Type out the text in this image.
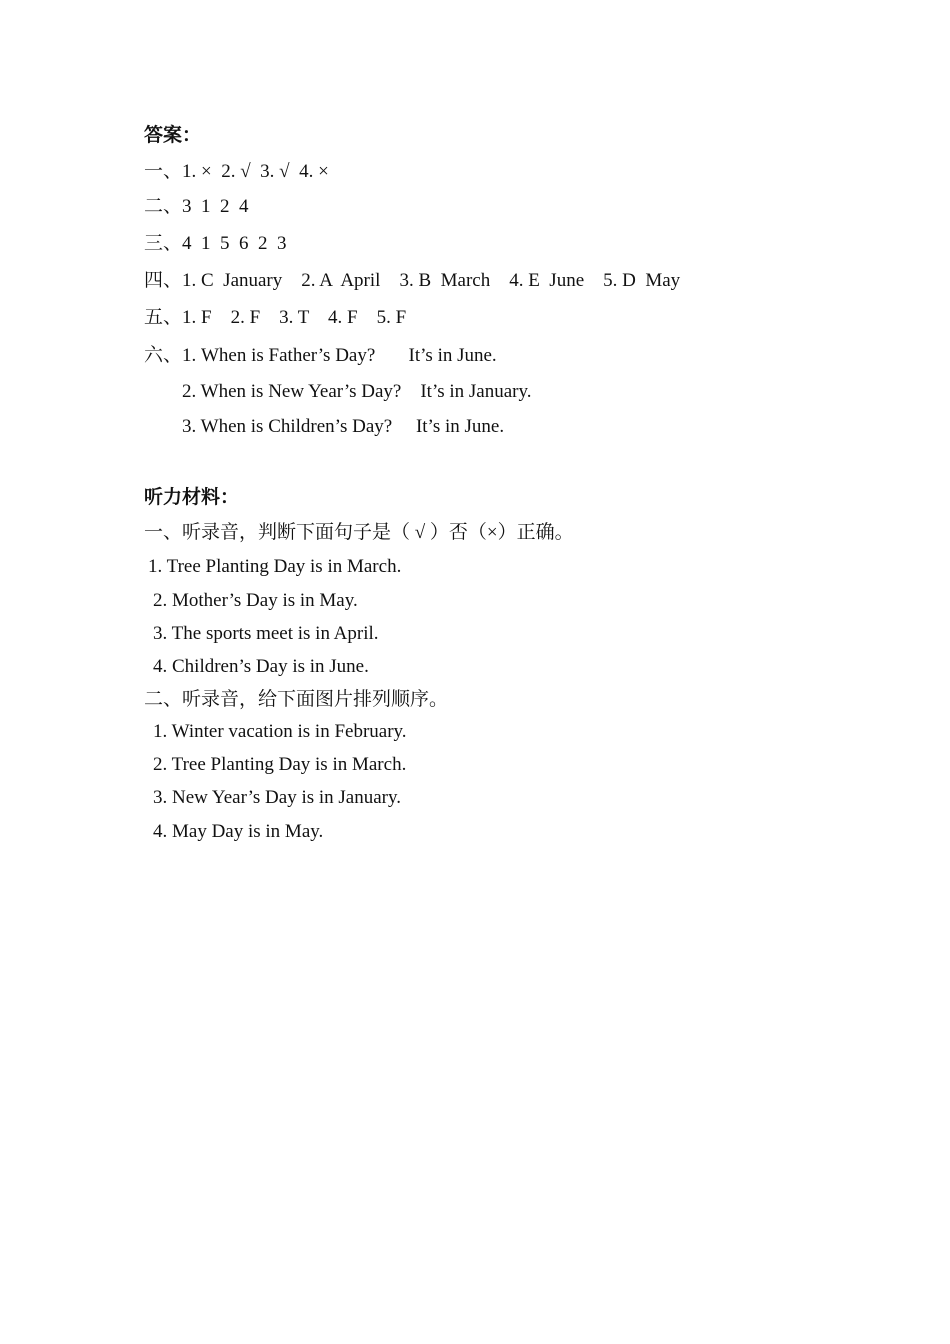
答案：
一、1. ×  2. √  3. √  4. ×
二、3  1  2  4
三、4  1  5  6  2  3
四、1. C  January    2. A  April    3. B  March    4. E  June    5. D  May
五、1. F    2. F    3. T    4. F    5. F
六、1. When is Father’s Day?       It’s in June.
2. When is New Year’s Day?    It’s in January.
3. When is Children’s Day?     It’s in June.
听力材料：
一、听录音，判断下面句子是（ √ ）否（×）正确。
1. Tree Planting Day is in March.
2. Mother’s Day is in May.
3. The sports meet is in April.
4. Children’s Day is in June.
二、听录音，给下面图片排列顺序。
1. Winter vacation is in February.
2. Tree Planting Day is in March.
3. New Year’s Day is in January.
4. May Day is in May.
